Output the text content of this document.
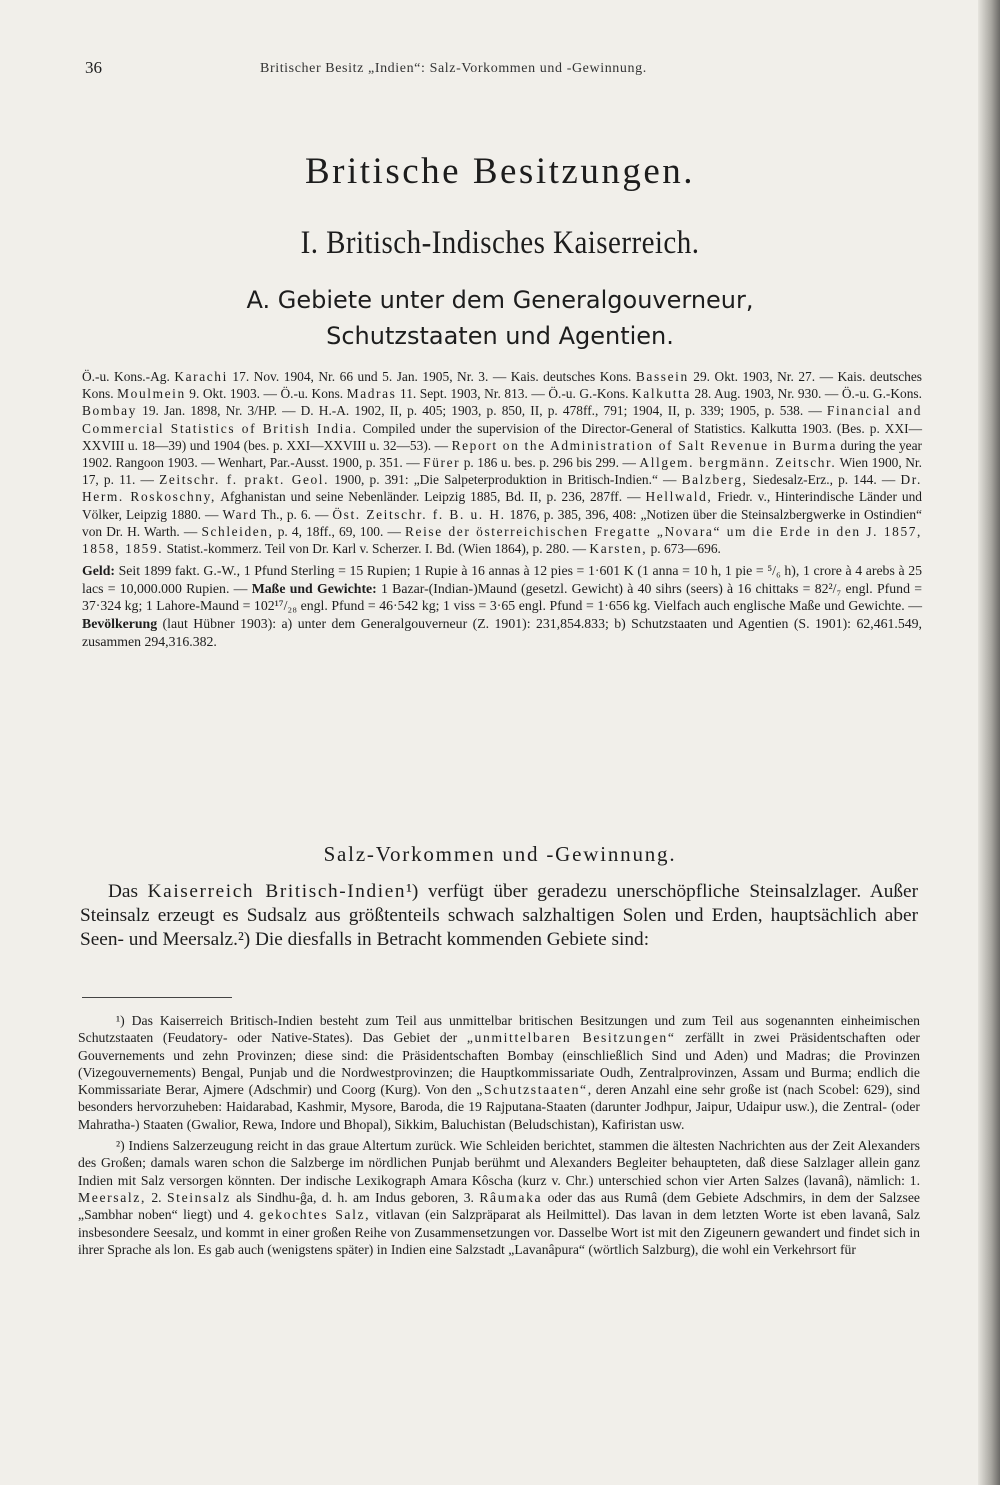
36	Britischer Besitz „Indien“: Salz-Vorkommen und -Gewinnung.
Britische Besitzungen.
I. Britisch-Indisches Kaiserreich.
A. Gebiete unter dem Generalgouverneur,
Schutzstaaten und Agentien.

Ö.-u. Kons.-Ag. Karachi 17. Nov. 1904, Nr. 66 und 5. Jan. 1905, Nr. 3. — Kais. deutsches Kons. Bassein 29. Okt. 1903, Nr. 27. — Kais. deutsches Kons. Moulmein 9. Okt. 1903. — Ö.-u. Kons. Madras 11. Sept. 1903, Nr. 813. — Ö.-u. G.-Kons. Kalkutta 28. Aug. 1903, Nr. 930. — Ö.-u. G.-Kons. Bombay 19. Jan. 1898, Nr. 3/HP. — D. H.-A. 1902, II, p. 405; 1903, p. 850, II, p. 478ff., 791; 1904, II, p. 339; 1905, p. 538. — Financial and Commercial Statistics of British India. Compiled under the supervision of the Director-General of Statistics. Kalkutta 1903. (Bes. p. XXI—XXVIII u. 18—39) und 1904 (bes. p. XXI—XXVIII u. 32—53). — Report on the Administration of Salt Revenue in Burma during the year 1902. Rangoon 1903. — Wenhart, Par.-Ausst. 1900, p. 351. — Fürer p. 186 u. bes. p. 296 bis 299. — Allgem. bergmänn. Zeitschr. Wien 1900, Nr. 17, p. 11. — Zeitschr. f. prakt. Geol. 1900, p. 391: „Die Salpeterproduktion in Britisch-Indien.“ — Balzberg, Siedesalz-Erz., p. 144. — Dr. Herm. Roskoschny, Afghanistan und seine Nebenländer. Leipzig 1885, Bd. II, p. 236, 287ff. — Hellwald, Friedr. v., Hinterindische Länder und Völker, Leipzig 1880. — Ward Th., p. 6. — Öst. Zeitschr. f. B. u. H. 1876, p. 385, 396, 408: „Notizen über die Steinsalzbergwerke in Ostindien“ von Dr. H. Warth. — Schleiden, p. 4, 18ff., 69, 100. — Reise der österreichischen Fregatte „Novara“ um die Erde in den J. 1857, 1858, 1859. Statist.-kommerz. Teil von Dr. Karl v. Scherzer. I. Bd. (Wien 1864), p. 280. — Karsten, p. 673—696.

Geld: Seit 1899 fakt. G.-W., 1 Pfund Sterling = 15 Rupien; 1 Rupie à 16 annas à 12 pies = 1·601 K (1 anna = 10 h, 1 pie = ⁵/₆ h), 1 crore à 4 arebs à 25 lacs = 10,000.000 Rupien. — Maße und Gewichte: 1 Bazar-(Indian-)Maund (gesetzl. Gewicht) à 40 sihrs (seers) à 16 chittaks = 82²/₇ engl. Pfund = 37·324 kg; 1 Lahore-Maund = 102¹⁷/₂₈ engl. Pfund = 46·542 kg; 1 viss = 3·65 engl. Pfund = 1·656 kg. Vielfach auch englische Maße und Gewichte. — Bevölkerung (laut Hübner 1903): a) unter dem Generalgouverneur (Z. 1901): 231,854.833; b) Schutzstaaten und Agentien (S. 1901): 62,461.549, zusammen 294,316.382.

Salz-Vorkommen und -Gewinnung.
Das Kaiserreich Britisch-Indien¹) verfügt über geradezu unerschöpfliche Steinsalzlager. Außer Steinsalz erzeugt es Sudsalz aus größtenteils schwach salzhaltigen Solen und Erden, hauptsächlich aber Seen- und Meersalz.²) Die diesfalls in Betracht kommenden Gebiete sind:

¹) Das Kaiserreich Britisch-Indien besteht zum Teil aus unmittelbar britischen Besitzungen und zum Teil aus sogenannten einheimischen Schutzstaaten (Feudatory- oder Native-States). Das Gebiet der „unmittelbaren Besitzungen“ zerfällt in zwei Präsidentschaften oder Gouvernements und zehn Provinzen; diese sind: die Präsidentschaften Bombay (einschließlich Sind und Aden) und Madras; die Provinzen (Vizegouvernements) Bengal, Punjab und die Nordwestprovinzen; die Hauptkommissariate Oudh, Zentralprovinzen, Assam und Burma; endlich die Kommissariate Berar, Ajmere (Adschmir) und Coorg (Kurg). Von den „Schutzstaaten“, deren Anzahl eine sehr große ist (nach Scobel: 629), sind besonders hervorzuheben: Haidarabad, Kashmir, Mysore, Baroda, die 19 Rajputana-Staaten (darunter Jodhpur, Jaipur, Udaipur usw.), die Zentral- (oder Mahratha-) Staaten (Gwalior, Rewa, Indore und Bhopal), Sikkim, Baluchistan (Beludschistan), Kafiristan usw.

²) Indiens Salzerzeugung reicht in das graue Altertum zurück. Wie Schleiden berichtet, stammen die ältesten Nachrichten aus der Zeit Alexanders des Großen; damals waren schon die Salzberge im nördlichen Punjab berühmt und Alexanders Begleiter behaupteten, daß diese Salzlager allein ganz Indien mit Salz versorgen könnten. Der indische Lexikograph Amara Kôscha (kurz v. Chr.) unterschied schon vier Arten Salzes (lavanâ), nämlich: 1. Meersalz, 2. Steinsalz als Sindhu-ĝa, d. h. am Indus geboren, 3. Râumaka oder das aus Rumâ (dem Gebiete Adschmirs, in dem der Salzsee „Sambhar noben“ liegt) und 4. gekochtes Salz, vitlavan (ein Salzpräparat als Heilmittel). Das lavan in dem letzten Worte ist eben lavanâ, Salz insbesondere Seesalz, und kommt in einer großen Reihe von Zusammensetzungen vor. Dasselbe Wort ist mit den Zigeunern gewandert und findet sich in ihrer Sprache als lon. Es gab auch (wenigstens später) in Indien eine Salzstadt „Lavanâpura“ (wörtlich Salzburg), die wohl ein Verkehrsort für
